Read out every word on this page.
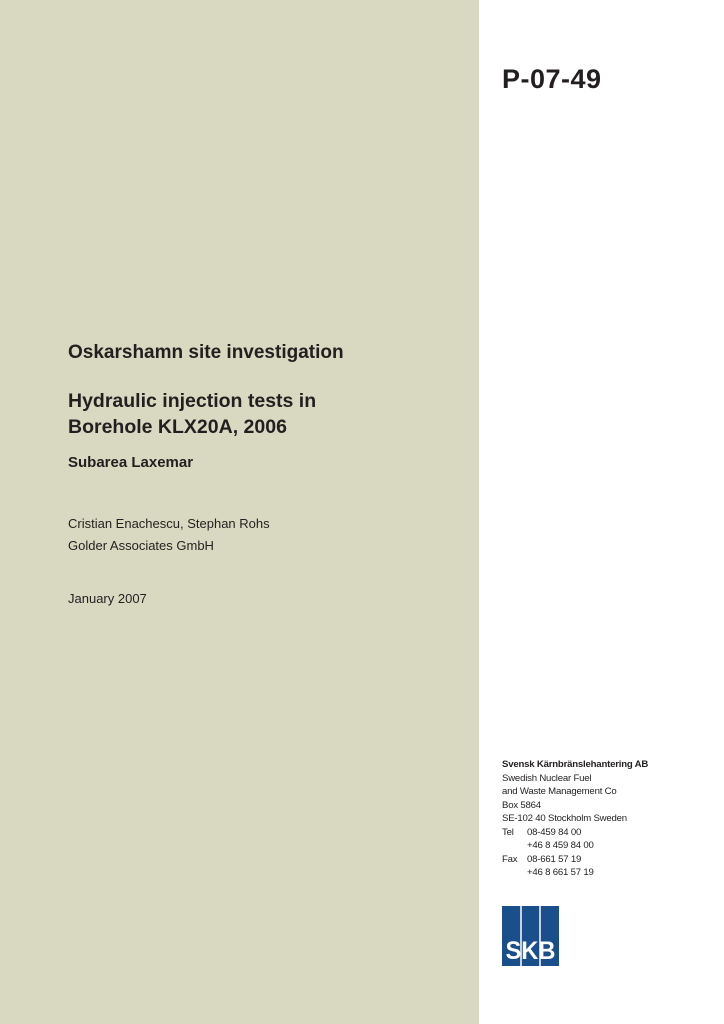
P-07-49
Oskarshamn site investigation
Hydraulic injection tests in
Borehole KLX20A, 2006
Subarea Laxemar
Cristian Enachescu, Stephan Rohs
Golder Associates GmbH
January 2007
Svensk Kärnbränslehantering AB
Swedish Nuclear Fuel
and Waste Management Co
Box 5864
SE-102 40 Stockholm Sweden
Tel 08-459 84 00
+46 8 459 84 00
Fax 08-661 57 19
+46 8 661 57 19
SKB
